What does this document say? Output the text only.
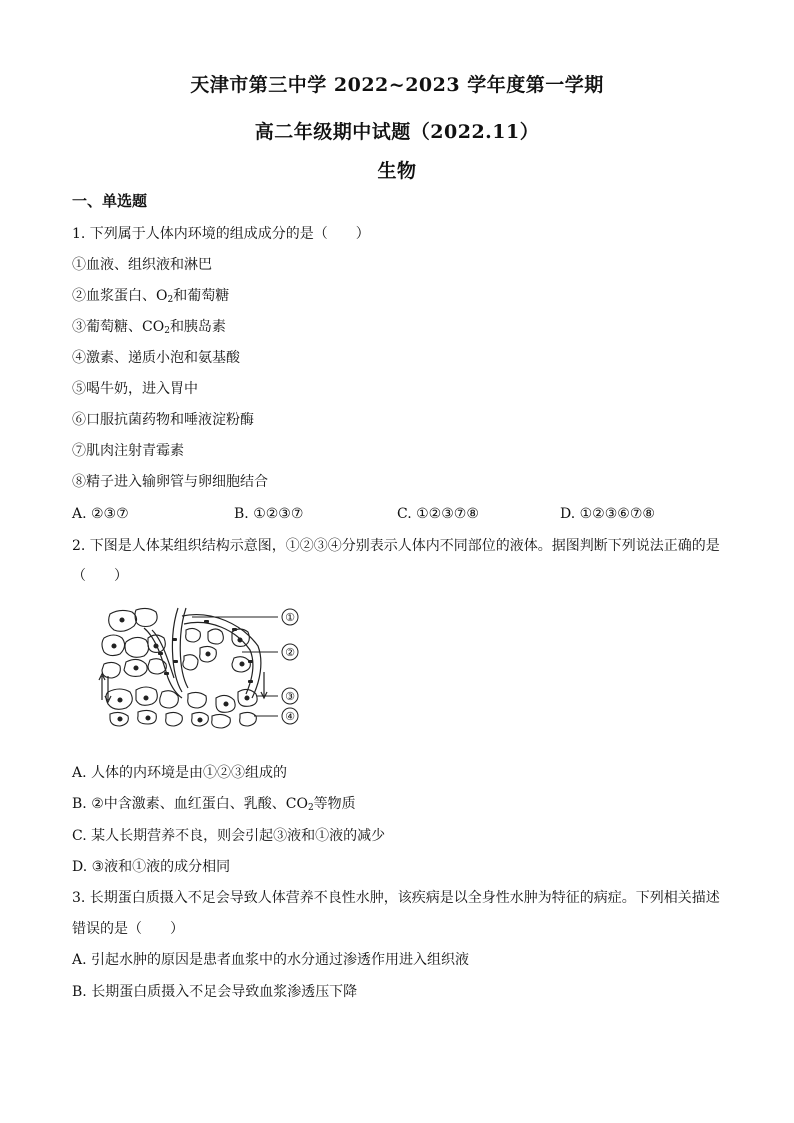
天津市第三中学 2022~2023 学年度第一学期
高二年级期中试题（2022.11）
生物
一、单选题
1. 下列属于人体内环境的组成成分的是（　　）
①血液、组织液和淋巴
②血浆蛋白、$O_2$和葡萄糖
③葡萄糖、$CO_2$和胰岛素
④激素、递质小泡和氨基酸
⑤喝牛奶，进入胃中
⑥口服抗菌药物和唾液淀粉酶
⑦肌肉注射青霉素
⑧精子进入输卵管与卵细胞结合
A. ②③⑦	B. ①②③⑦	C. ①②③⑦⑧	D. ①②③⑥⑦⑧
2. 下图是人体某组织结构示意图，①②③④分别表示人体内不同部位的液体。据图判断下列说法正确的是
（　　）
①
②
③
④
A. 人体的内环境是由①②③组成的
B. ②中含激素、血红蛋白、乳酸、$CO_2$等物质
C. 某人长期营养不良，则会引起③液和①液的减少
D. ③液和①液的成分相同
3. 长期蛋白质摄入不足会导致人体营养不良性水肿，该疾病是以全身性水肿为特征的病症。下列相关描述
错误的是（　　）
A. 引起水肿的原因是患者血浆中的水分通过渗透作用进入组织液
B. 长期蛋白质摄入不足会导致血浆渗透压下降
